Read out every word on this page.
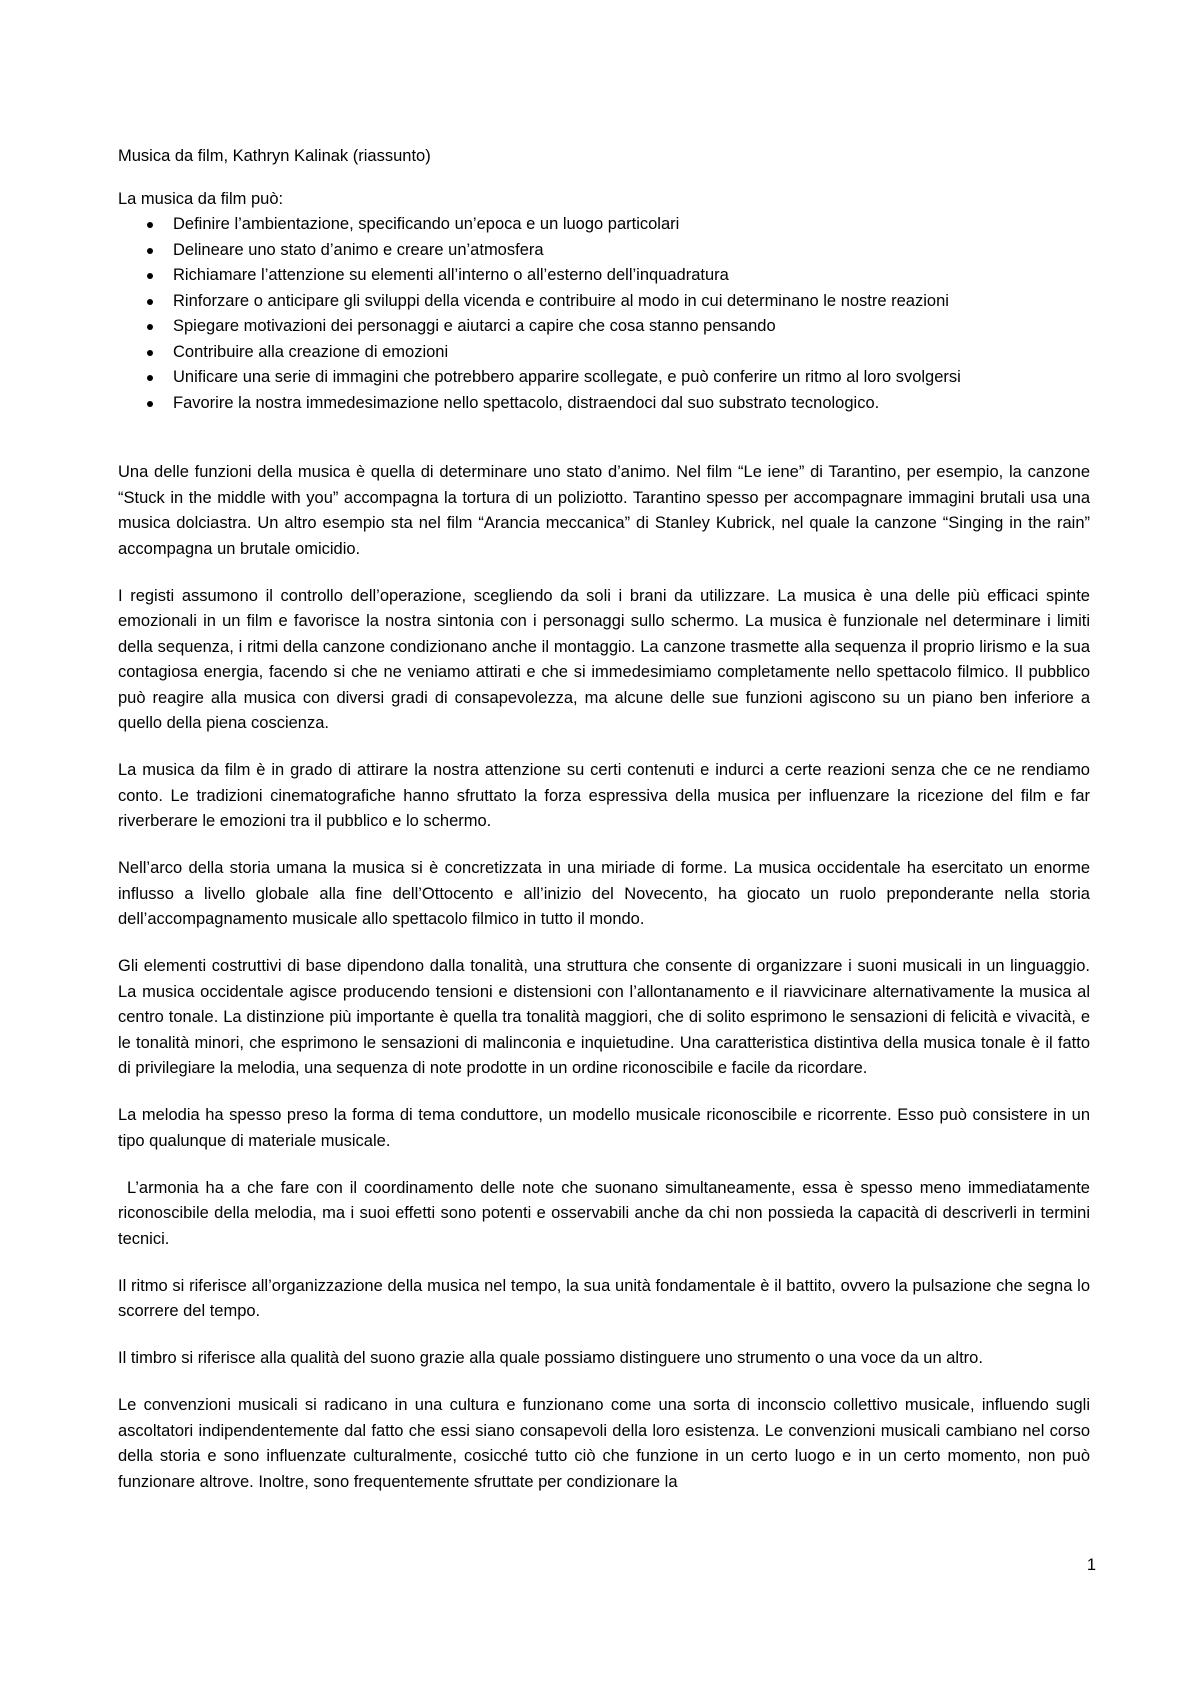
Musica da film, Kathryn Kalinak (riassunto)

La musica da film può:

Definire l’ambientazione, specificando un’epoca e un luogo particolari
Delineare uno stato d’animo e creare un’atmosfera
Richiamare l’attenzione su elementi all’interno o all’esterno dell’inquadratura
Rinforzare o anticipare gli sviluppi della vicenda e contribuire al modo in cui determinano le nostre reazioni
Spiegare motivazioni dei personaggi e aiutarci a capire che cosa stanno pensando
Contribuire alla creazione di emozioni
Unificare una serie di immagini che potrebbero apparire scollegate, e può conferire un ritmo al loro svolgersi
Favorire la nostra immedesimazione nello spettacolo, distraendoci dal suo substrato tecnologico.

Una delle funzioni della musica è quella di determinare uno stato d’animo. Nel film “Le iene” di Tarantino, per esempio, la canzone “Stuck in the middle with you” accompagna la tortura di un poliziotto. Tarantino spesso per accompagnare immagini brutali usa una musica dolciastra. Un altro esempio sta nel film “Arancia meccanica” di Stanley Kubrick, nel quale la canzone “Singing in the rain” accompagna un brutale omicidio.

I registi assumono il controllo dell’operazione, scegliendo da soli i brani da utilizzare. La musica è una delle più efficaci spinte emozionali in un film e favorisce la nostra sintonia con i personaggi sullo schermo. La musica è funzionale nel determinare i limiti della sequenza, i ritmi della canzone condizionano anche il montaggio. La canzone trasmette alla sequenza il proprio lirismo e la sua contagiosa energia, facendo si che ne veniamo attirati e che si immedesimiamo completamente nello spettacolo filmico. Il pubblico può reagire alla musica con diversi gradi di consapevolezza, ma alcune delle sue funzioni agiscono su un piano ben inferiore a quello della piena coscienza.

La musica da film è in grado di attirare la nostra attenzione su certi contenuti e indurci a certe reazioni senza che ce ne rendiamo conto. Le tradizioni cinematografiche hanno sfruttato la forza espressiva della musica per influenzare la ricezione del film e far riverberare le emozioni tra il pubblico e lo schermo.

Nell’arco della storia umana la musica si è concretizzata in una miriade di forme. La musica occidentale ha esercitato un enorme influsso a livello globale alla fine dell’Ottocento e all’inizio del Novecento, ha giocato un ruolo preponderante nella storia dell’accompagnamento musicale allo spettacolo filmico in tutto il mondo.

Gli elementi costruttivi di base dipendono dalla tonalità, una struttura che consente di organizzare i suoni musicali in un linguaggio. La musica occidentale agisce producendo tensioni e distensioni con l’allontanamento e il riavvicinare alternativamente la musica al centro tonale. La distinzione più importante è quella tra tonalità maggiori, che di solito esprimono le sensazioni di felicità e vivacità, e le tonalità minori, che esprimono le sensazioni di malinconia e inquietudine. Una caratteristica distintiva della musica tonale è il fatto di privilegiare la melodia, una sequenza di note prodotte in un ordine riconoscibile e facile da ricordare.

La melodia ha spesso preso la forma di tema conduttore, un modello musicale riconoscibile e ricorrente. Esso può consistere in un tipo qualunque di materiale musicale.

L’armonia ha a che fare con il coordinamento delle note che suonano simultaneamente, essa è spesso meno immediatamente riconoscibile della melodia, ma i suoi effetti sono potenti e osservabili anche da chi non possieda la capacità di descriverli in termini tecnici.

Il ritmo si riferisce all’organizzazione della musica nel tempo, la sua unità fondamentale è il battito, ovvero la pulsazione che segna lo scorrere del tempo.

Il timbro si riferisce alla qualità del suono grazie alla quale possiamo distinguere uno strumento o una voce da un altro.

Le convenzioni musicali si radicano in una cultura e funzionano come una sorta di inconscio collettivo musicale, influendo sugli ascoltatori indipendentemente dal fatto che essi siano consapevoli della loro esistenza. Le convenzioni musicali cambiano nel corso della storia e sono influenzate culturalmente, cosicché tutto ciò che funzione in un certo luogo e in un certo momento, non può funzionare altrove. Inoltre, sono frequentemente sfruttate per condizionare la

1
